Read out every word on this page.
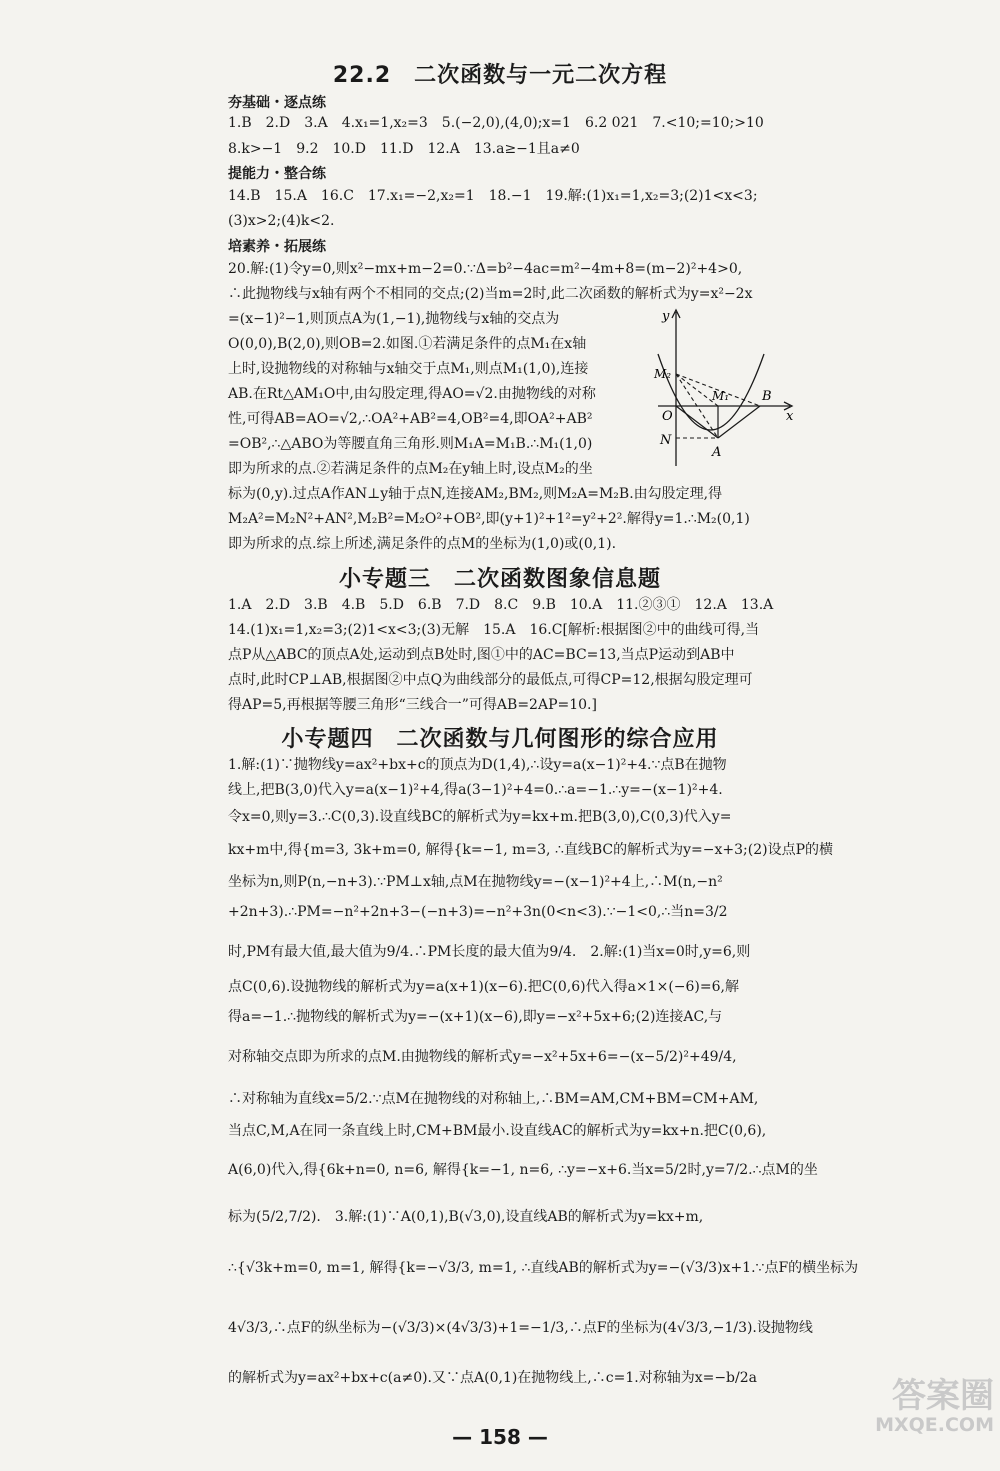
22.2　二次函数与一元二次方程
夯基础・逐点练
1.B　2.D　3.A　4.x₁=1,x₂=3　5.(−2,0),(4,0);x=1　6.2 021　7.<10;=10;>10
8.k>−1　9.2　10.D　11.D　12.A　13.a≥−1且a≠0
提能力・整合练
14.B　15.A　16.C　17.x₁=−2,x₂=1　18.−1　19.解:(1)x₁=1,x₂=3;(2)1<x<3;
(3)x>2;(4)k<2.
培素养・拓展练
20.解:(1)令y=0,则x²−mx+m−2=0.∵Δ=b²−4ac=m²−4m+8=(m−2)²+4>0,
∴此抛物线与x轴有两个不相同的交点;(2)当m=2时,此二次函数的解析式为y=x²−2x
=(x−1)²−1,则顶点A为(1,−1),抛物线与x轴的交点为
O(0,0),B(2,0),则OB=2.如图.①若满足条件的点M₁在x轴
上时,设抛物线的对称轴与x轴交于点M₁,则点M₁(1,0),连接
AB.在Rt△AM₁O中,由勾股定理,得AO=√2.由抛物线的对称
性,可得AB=AO=√2,∴OA²+AB²=4,OB²=4,即OA²+AB²
=OB²,∴△ABO为等腰直角三角形.则M₁A=M₁B.∴M₁(1,0)
即为所求的点.②若满足条件的点M₂在y轴上时,设点M₂的坐
y
x
M₂
M₁	B
O
N
A
标为(0,y).过点A作AN⊥y轴于点N,连接AM₂,BM₂,则M₂A=M₂B.由勾股定理,得
M₂A²=M₂N²+AN²,M₂B²=M₂O²+OB²,即(y+1)²+1²=y²+2².解得y=1.∴M₂(0,1)
即为所求的点.综上所述,满足条件的点M的坐标为(1,0)或(0,1).
小专题三　二次函数图象信息题
1.A　2.D　3.B　4.B　5.D　6.B　7.D　8.C　9.B　10.A　11.②③①　12.A　13.A
14.(1)x₁=1,x₂=3;(2)1<x<3;(3)无解　15.A　16.C[解析:根据图②中的曲线可得,当
点P从△ABC的顶点A处,运动到点B处时,图①中的AC=BC=13,当点P运动到AB中
点时,此时CP⊥AB,根据图②中点Q为曲线部分的最低点,可得CP=12,根据勾股定理可
得AP=5,再根据等腰三角形“三线合一”可得AB=2AP=10.]
小专题四　二次函数与几何图形的综合应用
1.解:(1)∵抛物线y=ax²+bx+c的顶点为D(1,4),∴设y=a(x−1)²+4.∵点B在抛物
线上,把B(3,0)代入y=a(x−1)²+4,得a(3−1)²+4=0.∴a=−1.∴y=−(x−1)²+4.
令x=0,则y=3.∴C(0,3).设直线BC的解析式为y=kx+m.把B(3,0),C(0,3)代入y=
kx+m中,得{m=3, 3k+m=0, 解得{k=−1, m=3, ∴直线BC的解析式为y=−x+3;(2)设点P的横
坐标为n,则P(n,−n+3).∵PM⊥x轴,点M在抛物线y=−(x−1)²+4上,∴M(n,−n²
+2n+3).∴PM=−n²+2n+3−(−n+3)=−n²+3n(0<n<3).∵−1<0,∴当n=3/2
时,PM有最大值,最大值为9/4.∴PM长度的最大值为9/4.　2.解:(1)当x=0时,y=6,则
点C(0,6).设抛物线的解析式为y=a(x+1)(x−6).把C(0,6)代入得a×1×(−6)=6,解
得a=−1.∴抛物线的解析式为y=−(x+1)(x−6),即y=−x²+5x+6;(2)连接AC,与
对称轴交点即为所求的点M.由抛物线的解析式y=−x²+5x+6=−(x−5/2)²+49/4,
∴对称轴为直线x=5/2.∵点M在抛物线的对称轴上,∴BM=AM,CM+BM=CM+AM,
当点C,M,A在同一条直线上时,CM+BM最小.设直线AC的解析式为y=kx+n.把C(0,6),
A(6,0)代入,得{6k+n=0, n=6, 解得{k=−1, n=6, ∴y=−x+6.当x=5/2时,y=7/2.∴点M的坐
标为(5/2,7/2).　3.解:(1)∵A(0,1),B(√3,0),设直线AB的解析式为y=kx+m,
∴{√3k+m=0, m=1, 解得{k=−√3/3, m=1, ∴直线AB的解析式为y=−(√3/3)x+1.∵点F的横坐标为
4√3/3,∴点F的纵坐标为−(√3/3)×(4√3/3)+1=−1/3,∴点F的坐标为(4√3/3,−1/3).设抛物线
的解析式为y=ax²+bx+c(a≠0).又∵点A(0,1)在抛物线上,∴c=1.对称轴为x=−b/2a
— 158 —
答案圈
MXQE.COM
